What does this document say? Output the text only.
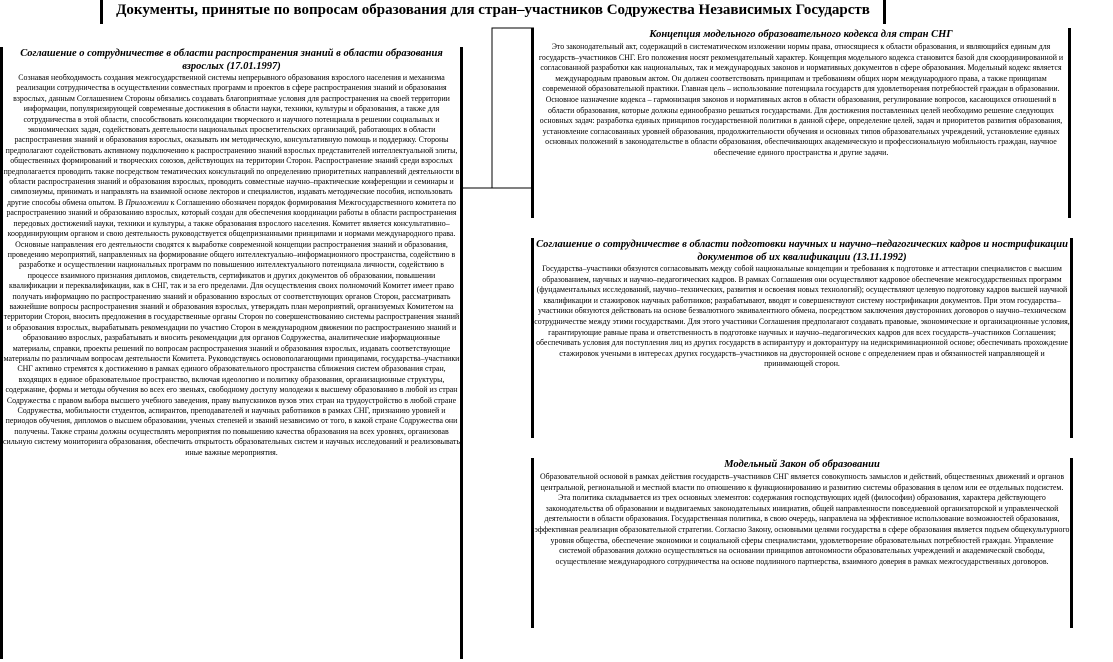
Документы, принятые по вопросам образования для стран–участников Содружества Независимых Государств
Соглашение о сотрудничестве в области распространения знаний в области образования взрослых (17.01.1997)

Сознавая необходимость создания межгосударственной системы непрерывного образования взрослого населения и механизма реализации сотрудничества в осуществлении совместных программ и проектов в сфере распространения знаний и образования взрослых, данным Соглашением Стороны обязались создавать благоприятные условия для распространения на своей территории информации, популяризирующей современные достижения в области науки, техники, культуры и образования, а также для сотрудничества в этой области, способствовать консолидации творческого и научного потенциала в решении социальных и экономических задач, содействовать деятельности национальных просветительских организаций, работающих в области распространения знаний и образования взрослых, оказывать им методическую, консультативную помощь и поддержку. Стороны предполагают содействовать активному подключению к распространению знаний взрослых представителей интеллектуальной элиты, общественных формирований и творческих союзов, действующих на территории Сторон. Распространение знаний среди взрослых предполагается проводить также посредством тематических консультаций по определению приоритетных направлений деятельности в области распространения знаний и образования взрослых, проводить совместные научно–практические конференции и семинары и симпозиумы, принимать и направлять на взаимной основе лекторов и специалистов, издавать методические пособия, использовать другие способы обмена опытом. В Приложении к Соглашению обозначен порядок формирования Межгосударственного комитета по распространению знаний и образованию взрослых, который создан для обеспечения координации работы в области распространения передовых достижений науки, техники и культуры, а также образования взрослого населения. Комитет является консультативно–координирующим органом и свою деятельность руководствуется общепризнанными принципами и нормами международного права. Основные направления его деятельности сводятся к выработке современной концепции распространения знаний и образования, проведению мероприятий, направленных на формирование общего интеллектуально–информационного пространства, содействию в разработке и осуществлении национальных программ по повышению интеллектуального потенциала личности, содействию в процессе взаимного признания дипломов, свидетельств, сертификатов и других документов об образовании, повышении квалификации и переквалификации, как в СНГ, так и за его пределами. Для осуществления своих полномочий Комитет имеет право получать информацию по распространению знаний и образованию взрослых от соответствующих органов Сторон, рассматривать важнейшие вопросы распространения знаний и образования взрослых, утверждать план мероприятий, организуемых Комитетом на территории Сторон, вносить предложения в государственные органы Сторон по совершенствованию системы распространения знаний и образования взрослых, вырабатывать рекомендации по участию Сторон в международном движении по распространению знаний и образованию взрослых, разрабатывать и вносить рекомендации для органов Содружества, аналитические информационные материалы, справки, проекты решений по вопросам распространения знаний и образования взрослых, издавать соответствующие материалы по различным вопросам деятельности Комитета. Руководствуясь основополагающими принципами, государства–участники СНГ активно стремятся к достижению в рамках единого образовательного пространства сближения систем образования стран, входящих в единое образовательное пространство, включая идеологию и политику образования, организационные структуры, содержание, формы и методы обучения во всех его звеньях, свободному доступу молодежи к высшему образованию в любой из стран Содружества с правом выбора высшего учебного заведения, праву выпускников вузов этих стран на трудоустройство в любой стране Содружества, мобильности студентов, аспирантов, преподавателей и научных работников в рамках СНГ, признанию уровней и периодов обучения, дипломов о высшем образовании, ученых степеней и званий независимо от того, в какой стране Содружества они получены. Также страны должны осуществлять мероприятия по повышению качества образования на всех уровнях, организовав сильную систему мониторинга образования, обеспечить открытость образовательных систем и научных исследований и реализовывать иные важные мероприятия.

Концепция модельного образовательного кодекса для стран СНГ

Это законодательный акт, содержащий в систематическом изложении нормы права, относящиеся к области образования, и являющийся единым для государств–участников СНГ. Его положения носят рекомендательный характер. Концепция модельного кодекса становится базой для скоординированной и согласованной разработки как национальных, так и международных законов и нормативных документов в сфере образования. Модельный кодекс является международным правовым актом. Он должен соответствовать принципам и требованиям общих норм международного права, а также принципам современной образовательной практики. Главная цель – использование потенциала государств для удовлетворения потребностей граждан в образовании. Основное назначение кодекса – гармонизация законов и нормативных актов в области образования, регулирование вопросов, касающихся отношений в области образования, которые должны единообразно решаться государствами. Для достижения поставленных целей необходимо решение следующих основных задач: разработка единых принципов государственной политики в данной сфере, определение целей, задач и приоритетов развития образования, установление согласованных уровней образования, продолжительности обучения и основных типов образовательных учреждений, установление единых основных положений в законодательстве в области образования, обеспечивающих академическую и профессиональную мобильность граждан, научное обеспечение единого пространства и другие задачи.

Соглашение о сотрудничестве в области подготовки научных и научно–педагогических кадров и нострификации документов об их квалификации (13.11.1992)

Государства–участники обязуются согласовывать между собой национальные концепции и требования к подготовке и аттестации специалистов с высшим образованием, научных и научно–педагогических кадров. В рамках Соглашения они осуществляют кадровое обеспечение межгосударственных программ (фундаментальных исследований, научно–технических, развития и освоения новых технологий); осуществляют целевую подготовку кадров высшей научной квалификации и стажировок научных работников; разрабатывают, вводят и совершенствуют систему нострификации документов. При этом государства–участники обязуются действовать на основе безвалютного эквивалентного обмена, посредством заключения двусторонних договоров о научно–техническом сотрудничестве между этими государствами. Для этого участники Соглашения предполагают создавать правовые, экономические и организационные условия, гарантирующие равные права и ответственность в подготовке научных и научно–педагогических кадров для всех государств–участников Соглашения; обеспечивать условия для поступления лиц из других государств в аспирантуру и докторантуру на недискриминационной основе; обеспечивать прохождение стажировок учеными в интересах других государств–участников на двусторонней основе с определением прав и обязанностей направляющей и принимающей сторон.

Модельный Закон об образовании

Образовательной основой в рамках действия государств–участников СНГ является совокупность замыслов и действий, общественных движений и органов центральной, региональной и местной власти по отношению к функционированию и развитию системы образования в целом или ее отдельных подсистем. Эта политика складывается из трех основных элементов: содержания господствующих идей (философии) образования, характера действующего законодательства об образовании и выдвигаемых законодательных инициатив, общей направленности повседневной организаторской и управленческой деятельности в области образования. Государственная политика, в свою очередь, направлена на эффективное использование возможностей образования, эффективная реализация образовательной стратегии. Согласно Закону, основными целями государства в сфере образования является подъем общекультурного уровня общества, обеспечение экономики и социальной сферы специалистами, удовлетворение образовательных потребностей граждан. Управление системой образования должно осуществляться на основании принципов автономности образовательных учреждений и академической свободы, осуществление международного сотрудничества на основе подлинного партнерства, взаимного доверия в рамках межгосударственных договоров.
